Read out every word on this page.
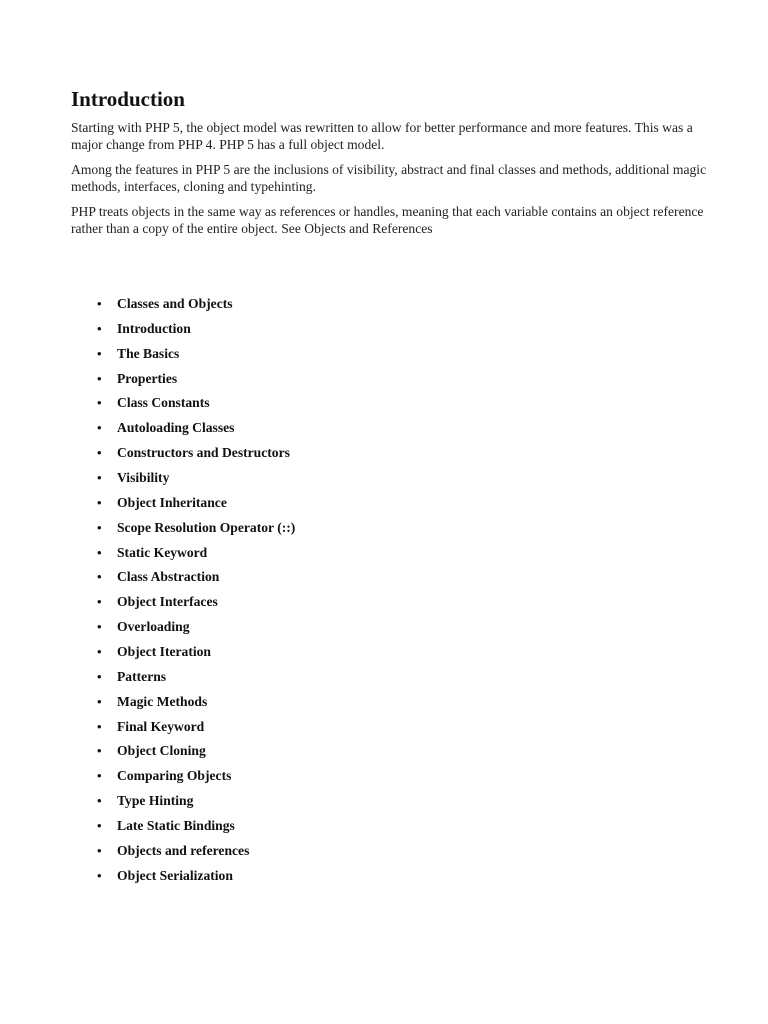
Introduction

Starting with PHP 5, the object model was rewritten to allow for better performance and more features. This was a major change from PHP 4. PHP 5 has a full object model.

Among the features in PHP 5 are the inclusions of visibility, abstract and final classes and methods, additional magic methods, interfaces, cloning and typehinting.

PHP treats objects in the same way as references or handles, meaning that each variable contains an object reference rather than a copy of the entire object. See Objects and References

•	Classes and Objects
•	Introduction
•	The Basics
•	Properties
•	Class Constants
•	Autoloading Classes
•	Constructors and Destructors
•	Visibility
•	Object Inheritance
•	Scope Resolution Operator (::)
•	Static Keyword
•	Class Abstraction
•	Object Interfaces
•	Overloading
•	Object Iteration
•	Patterns
•	Magic Methods
•	Final Keyword
•	Object Cloning
•	Comparing Objects
•	Type Hinting
•	Late Static Bindings
•	Objects and references
•	Object Serialization
